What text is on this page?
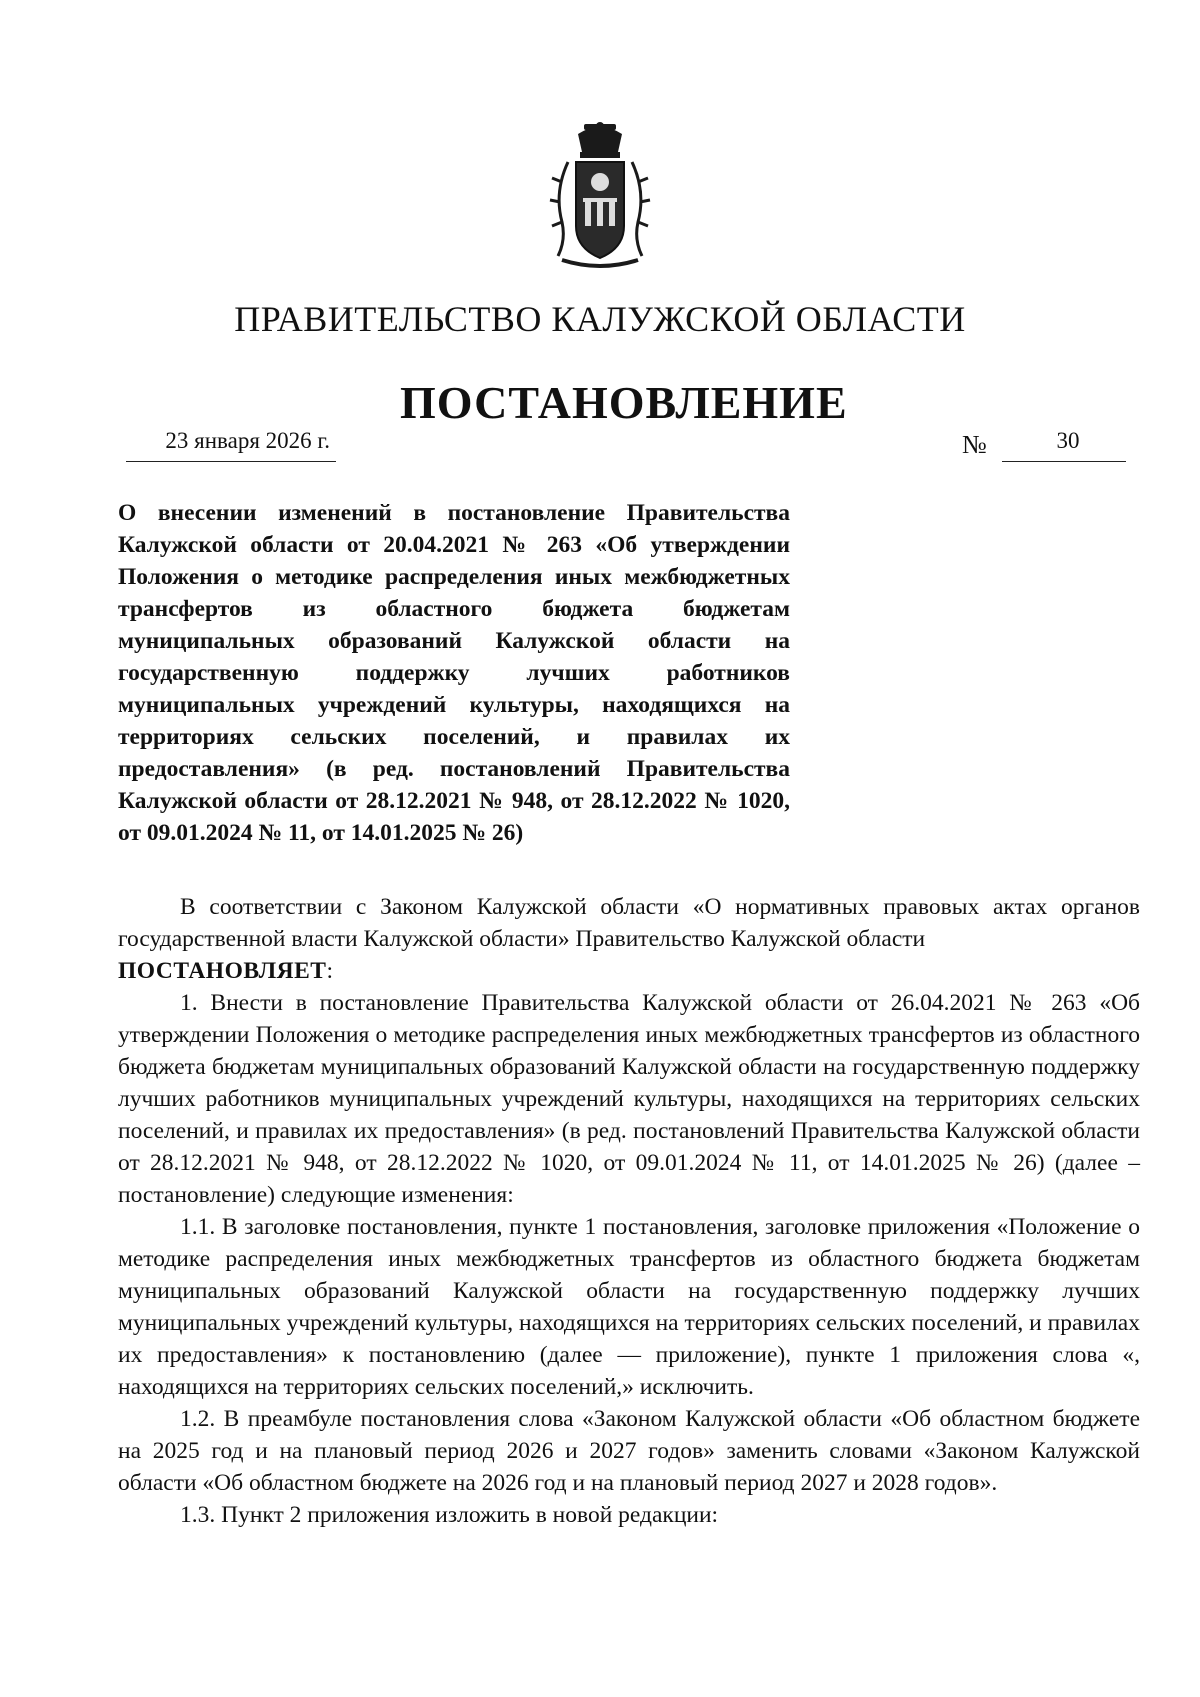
ПРАВИТЕЛЬСТВО КАЛУЖСКОЙ ОБЛАСТИ
ПОСТАНОВЛЕНИЕ
23 января 2026 г.	№	30

О внесении изменений в постановление Правительства Калужской области от 20.04.2021 № 263 «Об утверждении Положения о методике распределения иных межбюджетных трансфертов из областного бюджета бюджетам муниципальных образований Калужской области на государственную поддержку лучших работников муниципальных учреждений культуры, находящихся на территориях сельских поселений, и правилах их предоставления» (в ред. постановлений Правительства Калужской области от 28.12.2021 № 948, от 28.12.2022 № 1020, от 09.01.2024 № 11, от 14.01.2025 № 26)

В соответствии с Законом Калужской области «О нормативных правовых актах органов государственной власти Калужской области» Правительство Калужской области
ПОСТАНОВЛЯЕТ:

1. Внести в постановление Правительства Калужской области от 26.04.2021 № 263 «Об утверждении Положения о методике распределения иных межбюджетных трансфертов из областного бюджета бюджетам муниципальных образований Калужской области на государственную поддержку лучших работников муниципальных учреждений культуры, находящихся на территориях сельских поселений, и правилах их предоставления» (в ред. постановлений Правительства Калужской области от 28.12.2021 № 948, от 28.12.2022 № 1020, от 09.01.2024 № 11, от 14.01.2025 № 26) (далее – постановление) следующие изменения:

1.1. В заголовке постановления, пункте 1 постановления, заголовке приложения «Положение о методике распределения иных межбюджетных трансфертов из областного бюджета бюджетам муниципальных образований Калужской области на государственную поддержку лучших муниципальных учреждений культуры, находящихся на территориях сельских поселений, и правилах их предоставления» к постановлению (далее — приложение), пункте 1 приложения слова «, находящихся на территориях сельских поселений,» исключить.

1.2. В преамбуле постановления слова «Законом Калужской области «Об областном бюджете на 2025 год и на плановый период 2026 и 2027 годов» заменить словами «Законом Калужской области «Об областном бюджете на 2026 год и на плановый период 2027 и 2028 годов».

1.3. Пункт 2 приложения изложить в новой редакции:
